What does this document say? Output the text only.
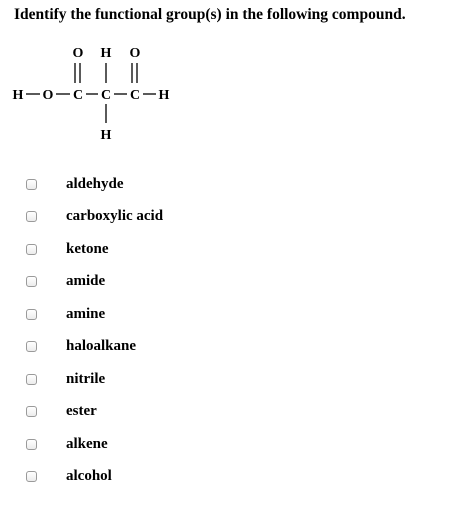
Identify the functional group(s) in the following compound.
O H O
H O C C C H
H
aldehyde
carboxylic acid
ketone
amide
amine
haloalkane
nitrile
ester
alkene
alcohol
